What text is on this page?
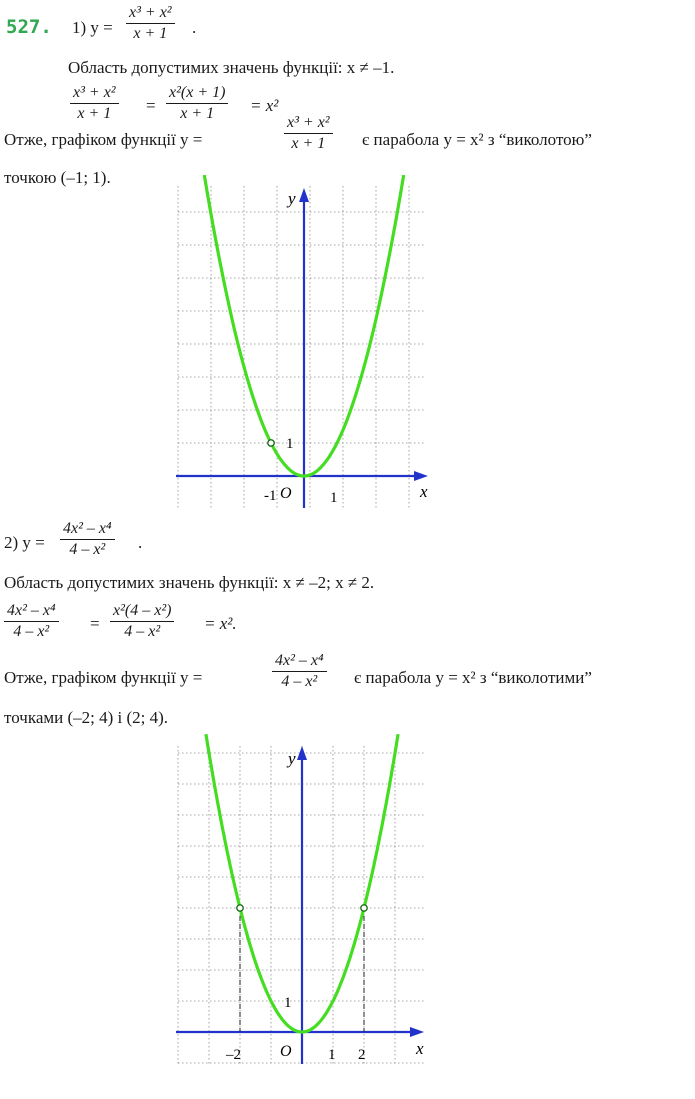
527. 1) $y = \frac{\text{x³ + x²}}{x + 1}$ .
Область допустимих значень функції: x ≠ –1.
$\frac{\text{x³ + x²}}{x + 1} = \frac{\text{x²(x + 1)}}{x + 1} = x^2$
Отже, графіком функції y =	$\frac{\text{x³ + x²}}{x + 1}$ є парабола y = x² з “виколотою”
точкою (–1; 1).
y
x
O
-1	1
1
2) $y = \frac{\text{4x² – x⁴}}{\text{4 – x²}}$ .
Область допустимих значень функції: x ≠ –2; x ≠ 2.
$\frac{\text{4x² – x⁴}}{\text{4 – x²}} = \frac{\text{x²(4 – x²)}}{\text{4 – x²}} = x^2$.
Отже, графіком функції y =	$\frac{\text{4x² – x⁴}}{\text{4 – x²}}$ є парабола y = x² з “виколотими”
точками (–2; 4) і (2; 4).
y
x
O
–2	1 2
1
